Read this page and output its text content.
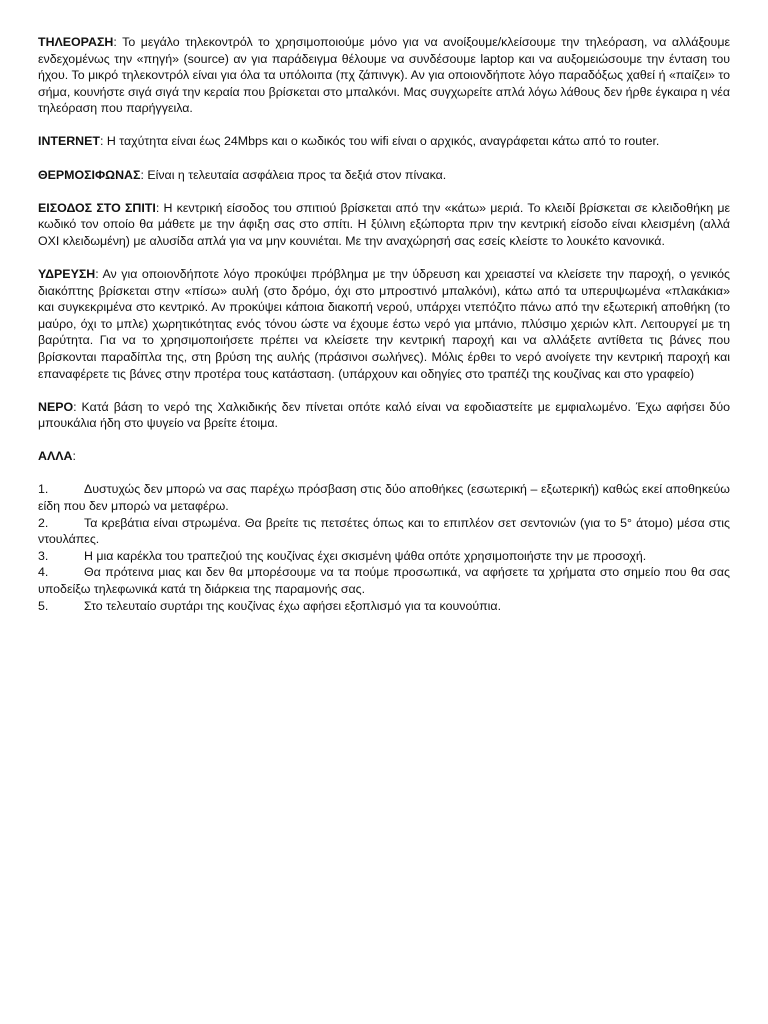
ΤΗΛΕΟΡΑΣΗ: Το μεγάλο τηλεκοντρόλ το χρησιμοποιούμε μόνο για να ανοίξουμε/κλείσουμε την τηλεόραση, να αλλάξουμε ενδεχομένως την «πηγή» (source) αν για παράδειγμα θέλουμε να συνδέσουμε laptop και να αυξομειώσουμε την ένταση του ήχου. Το μικρό τηλεκοντρόλ είναι για όλα τα υπόλοιπα (πχ ζάπινγκ). Αν για οποιονδήποτε λόγο παραδόξως χαθεί ή «παίζει» το σήμα, κουνήστε σιγά σιγά την κεραία που βρίσκεται στο μπαλκόνι. Μας συγχωρείτε απλά λόγω λάθους δεν ήρθε έγκαιρα η νέα τηλεόραση που παρήγγειλα.

INTERNET: Η ταχύτητα είναι έως 24Mbps και ο κωδικός του wifi είναι ο αρχικός, αναγράφεται κάτω από το router.

ΘΕΡΜΟΣΙΦΩΝΑΣ: Είναι η τελευταία ασφάλεια προς τα δεξιά στον πίνακα.

ΕΙΣΟΔΟΣ ΣΤΟ ΣΠΙΤΙ: Η κεντρική είσοδος του σπιτιού βρίσκεται από την «κάτω» μεριά. Το κλειδί βρίσκεται σε κλειδοθήκη με κωδικό τον οποίο θα μάθετε με την άφιξη σας στο σπίτι. Η ξύλινη εξώπορτα πριν την κεντρική είσοδο είναι κλεισμένη (αλλά ΟΧΙ κλειδωμένη) με αλυσίδα απλά για να μην κουνιέται. Με την αναχώρησή σας εσείς κλείστε το λουκέτο κανονικά.

ΥΔΡΕΥΣΗ: Αν για οποιονδήποτε λόγο προκύψει πρόβλημα με την ύδρευση και χρειαστεί να κλείσετε την παροχή, ο γενικός διακόπτης βρίσκεται στην «πίσω» αυλή (στο δρόμο, όχι στο μπροστινό μπαλκόνι), κάτω από τα υπερυψωμένα «πλακάκια» και συγκεκριμένα στο κεντρικό. Αν προκύψει κάποια διακοπή νερού, υπάρχει ντεπόζιτο πάνω από την εξωτερική αποθήκη (το μαύρο, όχι το μπλε) χωρητικότητας ενός τόνου ώστε να έχουμε έστω νερό για μπάνιο, πλύσιμο χεριών κλπ. Λειτουργεί με τη βαρύτητα. Για να το χρησιμοποιήσετε πρέπει να κλείσετε την κεντρική παροχή και να αλλάξετε αντίθετα τις βάνες που βρίσκονται παραδίπλα της, στη βρύση της αυλής (πράσινοι σωλήνες). Μόλις έρθει το νερό ανοίγετε την κεντρική παροχή και επαναφέρετε τις βάνες στην προτέρα τους κατάσταση. (υπάρχουν και οδηγίες στο τραπέζι της κουζίνας και στο γραφείο)

ΝΕΡΟ: Κατά βάση το νερό της Χαλκιδικής δεν πίνεται οπότε καλό είναι να εφοδιαστείτε με εμφιαλωμένο. Έχω αφήσει δύο μπουκάλια ήδη στο ψυγείο να βρείτε έτοιμα.

ΑΛΛΑ:

1.	Δυστυχώς δεν μπορώ να σας παρέχω πρόσβαση στις δύο αποθήκες (εσωτερική – εξωτερική) καθώς εκεί αποθηκεύω είδη που δεν μπορώ να μεταφέρω.
2.	Τα κρεβάτια είναι στρωμένα. Θα βρείτε τις πετσέτες όπως και το επιπλέον σετ σεντονιών (για το 5° άτομο) μέσα στις ντουλάπες.
3.	Η μια καρέκλα του τραπεζιού της κουζίνας έχει σκισμένη ψάθα οπότε χρησιμοποιήστε την με προσοχή.
4.	Θα πρότεινα μιας και δεν θα μπορέσουμε να τα πούμε προσωπικά, να αφήσετε τα χρήματα στο σημείο που θα σας υποδείξω τηλεφωνικά κατά τη διάρκεια της παραμονής σας.
5.	Στο τελευταίο συρτάρι της κουζίνας έχω αφήσει εξοπλισμό για τα κουνούπια.
